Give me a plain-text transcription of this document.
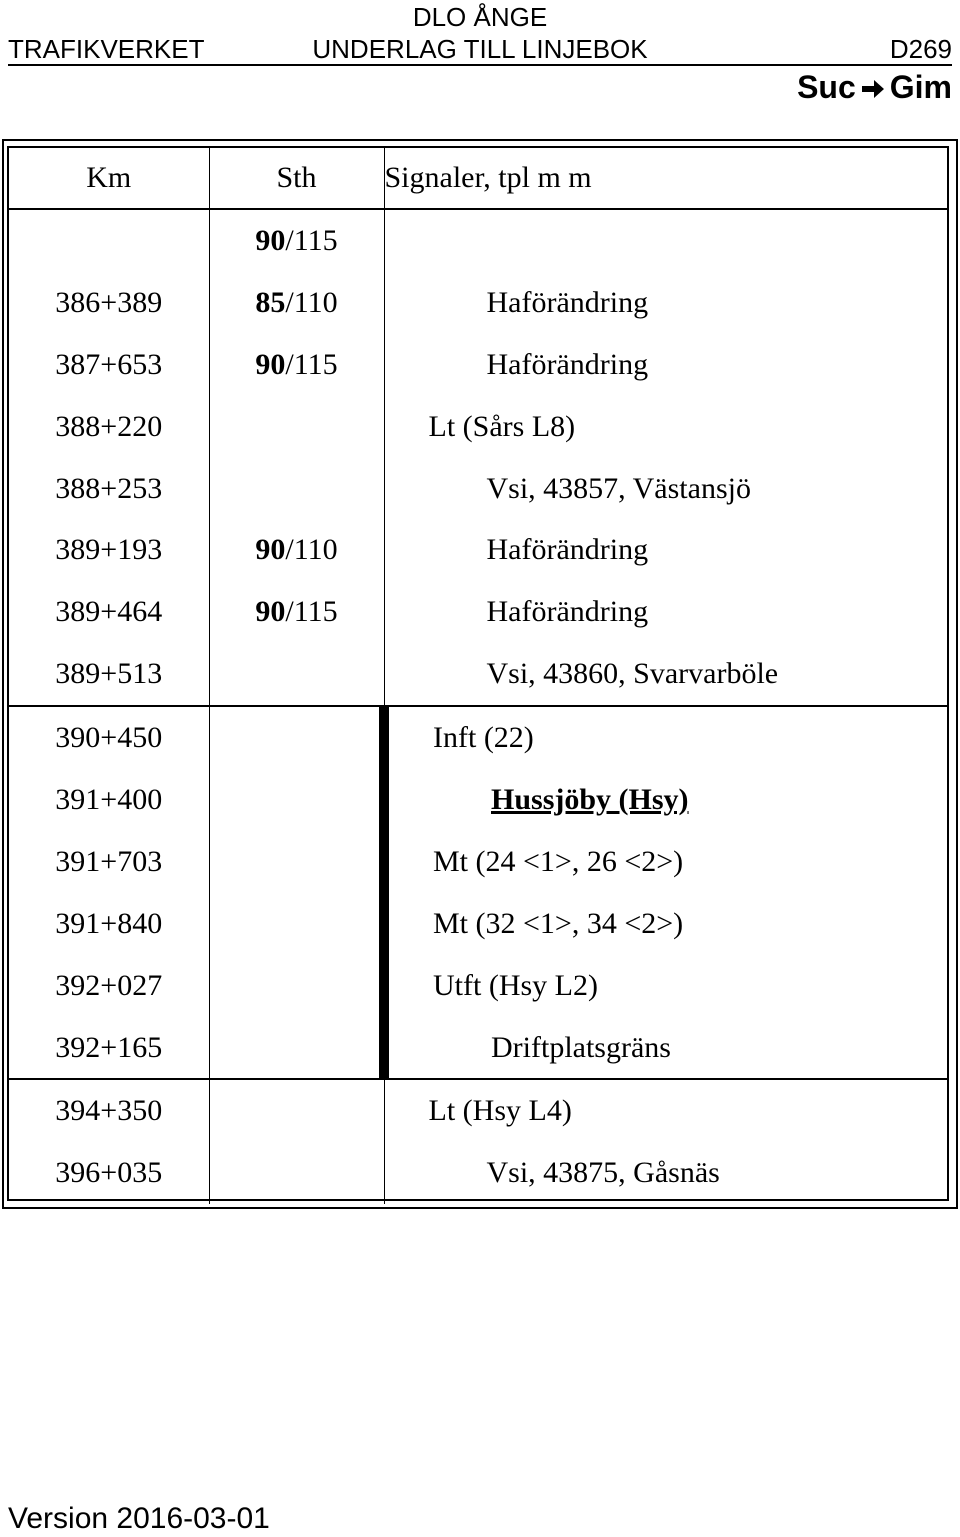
DLO ÅNGE
TRAFIKVERKET	UNDERLAG TILL LINJEBOK	D269
Suc Gim
Km	Sth	Signaler, tpl m m
	90/115	
386+389	85/110	Haförändring
387+653	90/115	Haförändring
388+220		Lt (Sårs L8)
388+253		Vsi, 43857, Västansjö
389+193	90/110	Haförändring
389+464	90/115	Haförändring
389+513		Vsi, 43860, Svarvarböle
390+450		Inft (22)
391+400		Hussjöby (Hsy)
391+703		Mt (24 <1>, 26 <2>)
391+840		Mt (32 <1>, 34 <2>)
392+027		Utft (Hsy L2)
392+165		Driftplatsgräns
394+350		Lt (Hsy L4)
396+035		Vsi, 43875, Gåsnäs
Version 2016-03-01
